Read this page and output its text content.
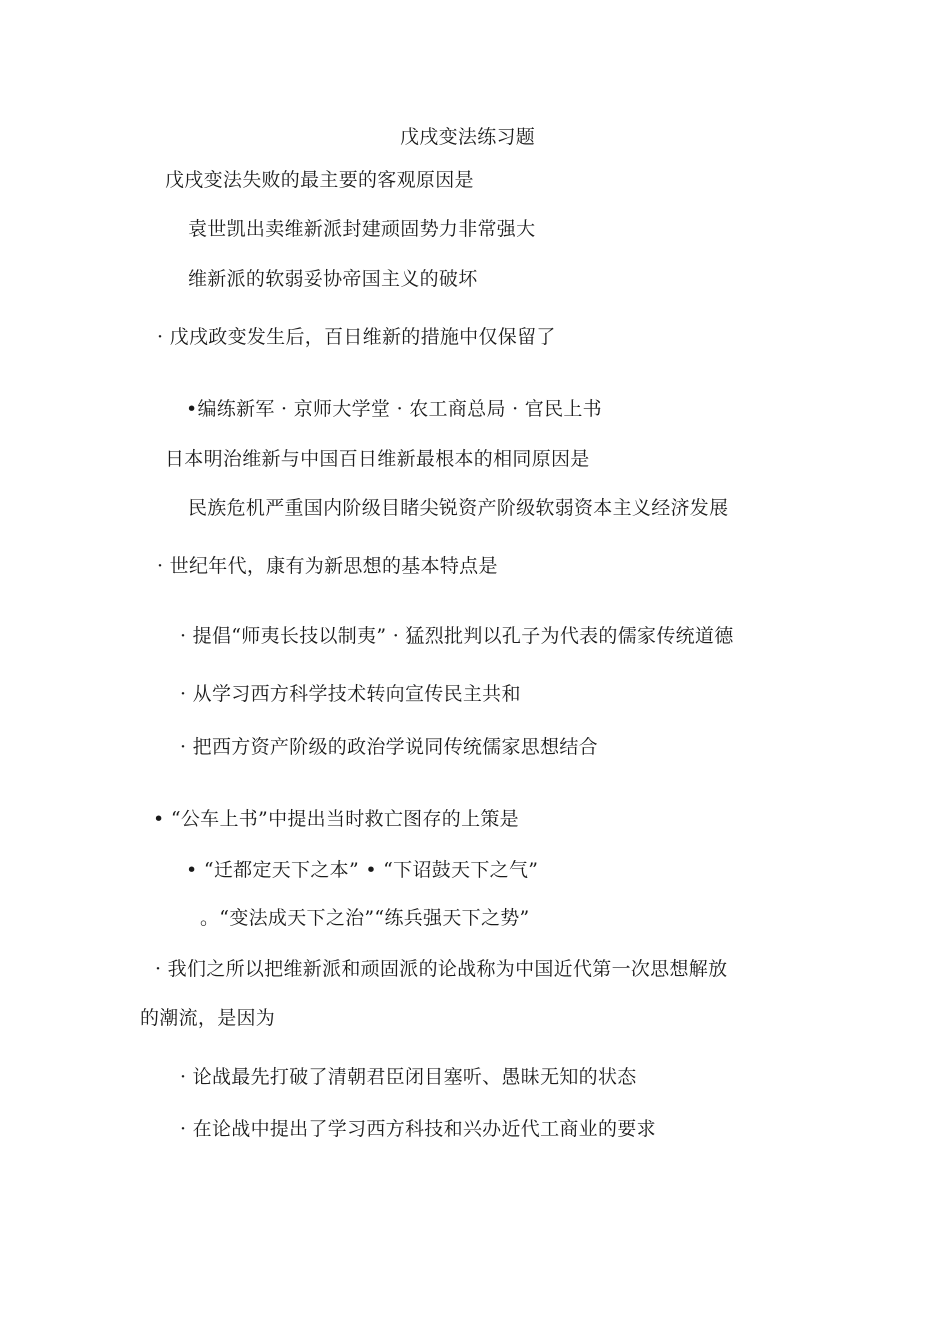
戊戌变法练习题
戊戌变法失败的最主要的客观原因是
袁世凯出卖维新派封建顽固势力非常强大
维新派的软弱妥协帝国主义的破坏
· 戊戌政变发生后，百日维新的措施中仅保留了
•编练新军 · 京师大学堂 · 农工商总局 · 官民上书
日本明治维新与中国百日维新最根本的相同原因是
民族危机严重国内阶级目睹尖锐资产阶级软弱资本主义经济发展
· 世纪年代，康有为新思想的基本特点是
· 提倡“师夷长技以制夷” · 猛烈批判以孔子为代表的儒家传统道德
· 从学习西方科学技术转向宣传民主共和
· 把西方资产阶级的政治学说同传统儒家思想结合
• “公车上书”中提出当时救亡图存的上策是
• “迁都定天下之本” • “下诏鼓天下之气”
。“变法成天下之治”“练兵强天下之势”
· 我们之所以把维新派和顽固派的论战称为中国近代第一次思想解放
的潮流，是因为
· 论战最先打破了清朝君臣闭目塞听、愚昧无知的状态
· 在论战中提出了学习西方科技和兴办近代工商业的要求
